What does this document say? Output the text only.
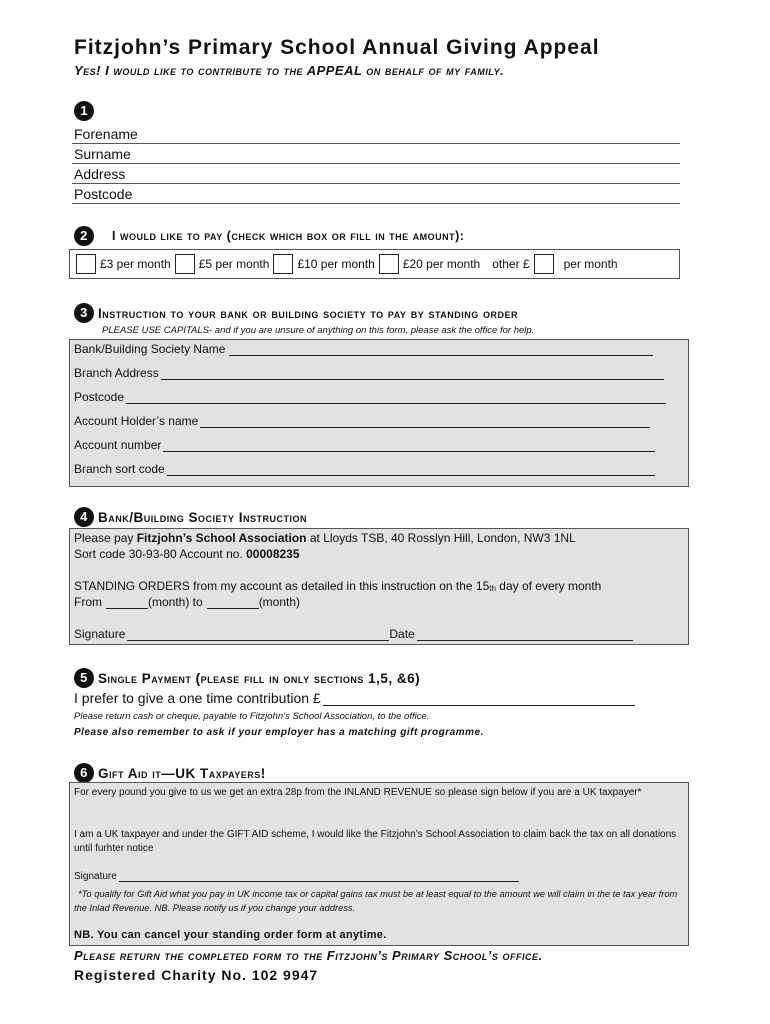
Fitzjohn’s Primary School Annual Giving Appeal
Yes! I would like to contribute to the APPEAL on behalf of my family.
1
Forename
Surname
Address
Postcode
2	I would like to pay (check which box or fill in the amount):
£3 per month £5 per month £10 per month £20 per month other £	per month
3 Instruction to your bank or building society to pay by standing order
PLEASE USE CAPITALS- and if you are unsure of anything on this form, please ask the office for help.
Bank/Building Society Name
Branch Address
Postcode
Account Holder’s name
Account number
Branch sort code
4 Bank/Building Society Instruction
Please pay Fitzjohn’s School Association at Lloyds TSB, 40 Rosslyn Hill, London, NW3 1NL
Sort code 30-93-80 Account no. 00008235
STANDING ORDERS from my account as detailed in this instruction on the $15_{th}$ day of every month
From	(month) to	(month)
Signature	Date
5 Single Payment (please fill in only sections 1,5, &6)
I prefer to give a one time contribution £
Please return cash or cheque, payable to Fitzjohn’s School Association, to the office.
Please also remember to ask if your employer has a matching gift programme.
6 Gift Aid it—UK Taxpayers!
For every pound you give to us we get an extra 28p from the INLAND REVENUE so please sign below if you are a UK taxpayer*
I am a UK taxpayer and under the GIFT AID scheme, I would like the Fitzjohn’s School Association to claim back the tax on all donations until furhter notice
Signature
*To qualify for Gift Aid what you pay in UK income tax or capital gains tax must be at least equal to the amount we will claim in the te tax year from the Inlad Revenue. NB. Please notify us if you change your address.
NB. You can cancel your standing order form at anytime.
Please return the completed form to the Fitzjohn’s Primary School’s office.
Registered Charity No. 102 9947
